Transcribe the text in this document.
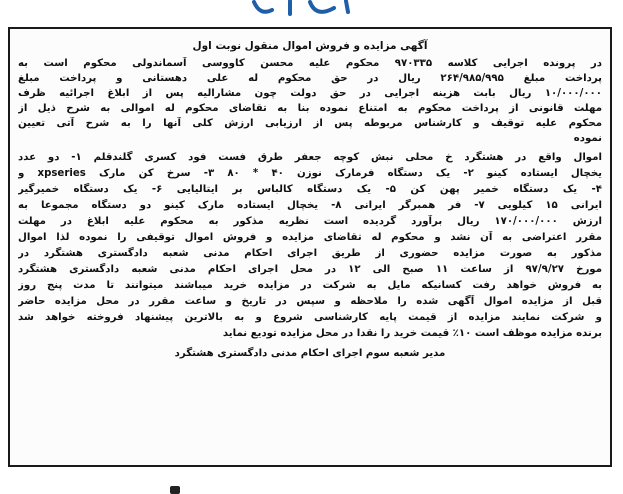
آگهی مزایده و فروش اموال منقول نوبت اول

در پرونده اجرایی کلاسه ۹۷۰۳۳۵ محکوم علیه محسن کاووسی آسماندولی محکوم است به

پرداخت مبلغ ۲۶۴/۹۸۵/۹۹۵ ریال در حق محکوم له علی دهستانی و پرداخت مبلغ

۱۰/۰۰۰/۰۰۰ ریال بابت هزینه اجرایی در حق دولت چون مشارالیه پس از ابلاغ اجرائیه ظرف

مهلت قانونی از پرداخت محکوم به امتناع نموده بنا به تقاضای محکوم له اموالی به شرح ذیل از

محکوم علیه توقیف و کارشناس مربوطه پس از ارزیابی ارزش کلی آنها را به شرح آتی تعیین

نموده

اموال واقع در هشتگرد خ محلی نبش کوچه جعفر طرق فست فود کسری گلندقلم ۱- دو عدد

یخچال ایستاده کینو ۲- یک دستگاه فرمارک نوزن ۴۰ * ۸۰ ۳- سرخ کن مارک xpseries و

۴- یک دستگاه خمیر پهن کن ۵- یک دستگاه کالباس بر ایتالیایی ۶- یک دستگاه خمیرگیر

ایرانی ۱۵ کیلویی ۷- فر همبرگر ایرانی ۸- یخچال ایستاده مارک کینو دو دستگاه مجموعا به

ارزش ۱۷۰/۰۰۰/۰۰۰ ریال برآورد گردیده است نظریه مذکور به محکوم علیه ابلاغ در مهلت

مقرر اعتراضی به آن نشد و محکوم له تقاضای مزایده و فروش اموال توقیفی را نموده لذا اموال

مذکور به صورت مزایده حضوری از طریق اجرای احکام مدنی شعبه دادگستری هشتگرد در

مورخ ۹۷/۹/۲۷ از ساعت ۱۱ صبح الی ۱۲ در محل اجرای احکام مدنی شعبه دادگستری هشتگرد

به فروش خواهد رفت کسانیکه مایل به شرکت در مزایده خرید میباشند میتوانند تا مدت پنج روز

قبل از مزایده اموال آگهی شده را ملاحظه و سپس در تاریخ و ساعت مقرر در محل مزایده حاضر

و شرکت نمایند مزایده از قیمت پایه کارشناسی شروع و به بالاترین پیشنهاد فروخته خواهد شد

برنده مزایده موظف است ۱۰٪ قیمت خرید را نقدا در محل مزایده تودیع نماید

مدیر شعبه سوم اجرای احکام مدنی دادگستری هشتگرد
